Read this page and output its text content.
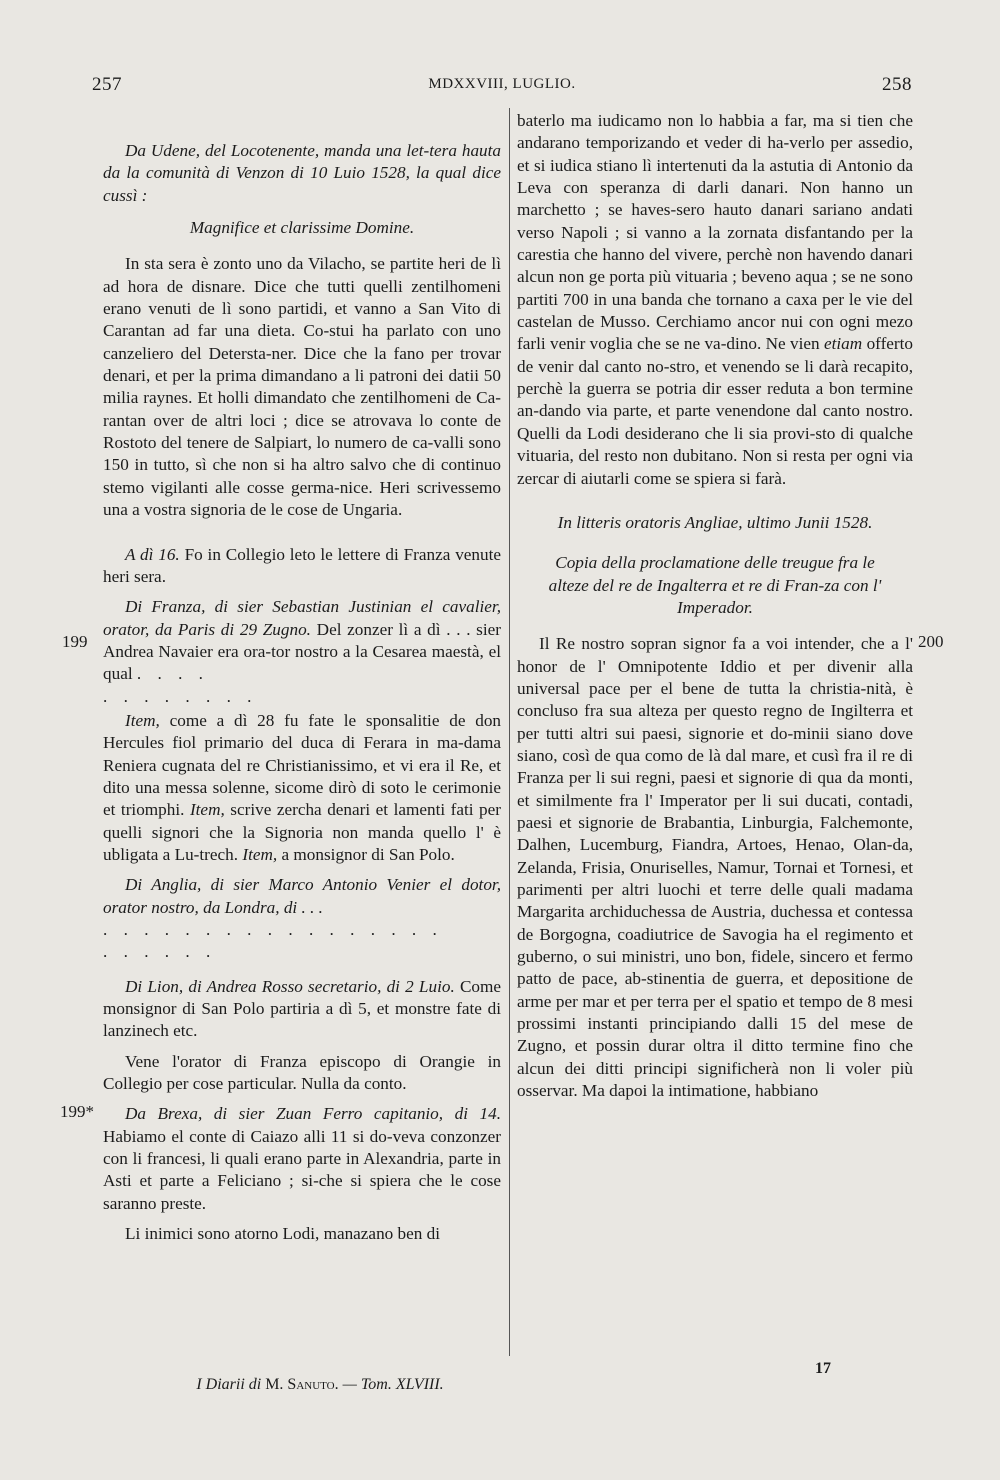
257	MDXXVIII, LUGLIO.	258

Da Udene, del Locotenente, manda una let-tera hauta da la comunità di Venzon di 10 Luio 1528, la qual dice cussì :

Magnifice et clarissime Domine.

In sta sera è zonto uno da Vilacho, se partite heri de lì ad hora de disnare. Dice che tutti quelli zentilhomeni erano venuti de lì sono partidi, et vanno a San Vito di Carantan ad far una dieta. Co-stui ha parlato con uno canzeliero del Detersta-ner. Dice che la fano per trovar denari, et per la prima dimandano a li patroni dei datii 50 milia raynes. Et holli dimandato che zentilhomeni de Ca-rantan over de altri loci ; dice se atrovava lo conte de Rostoto del tenere de Salpiart, lo numero de ca-valli sono 150 in tutto, sì che non si ha altro salvo che di continuo stemo vigilanti alle cosse germa-nice. Heri scrivessemo una a vostra signoria de le cose de Ungaria.

A dì 16. Fo in Collegio leto le lettere di Franza venute heri sera.

Di Franza, di sier Sebastian Justinian el cavalier, orator, da Paris di 29 Zugno. Del zonzer lì a dì . . . sier Andrea Navaier era ora-tor nostro a la Cesarea maestà, el qual . . . .

. . . . . . . .

Item, come a dì 28 fu fate le sponsalitie de don Hercules fiol primario del duca di Ferara in ma-dama Reniera cugnata del re Christianissimo, et vi era il Re, et dito una messa solenne, sicome dirò di soto le cerimonie et triomphi. Item, scrive zercha denari et lamenti fati per quelli signori che la Signoria non manda quello l' è ubligata a Lu-trech. Item, a monsignor di San Polo.

Di Anglia, di sier Marco Antonio Venier el dotor, orator nostro, da Londra, di . . .

. . . . . . . . . . . . . . . . .

. . . . . .

Di Lion, di Andrea Rosso secretario, di 2 Luio. Come monsignor di San Polo partiria a dì 5, et monstre fate di lanzinech etc.

Vene l'orator di Franza episcopo di Orangie in Collegio per cose particular. Nulla da conto.

Da Brexa, di sier Zuan Ferro capitanio, di 14. Habiamo el conte di Caiazo alli 11 si do-veva conzonzer con li francesi, li quali erano parte in Alexandria, parte in Asti et parte a Feliciano ; si-che si spiera che le cose saranno preste.

Li inimici sono atorno Lodi, manazano ben di

baterlo ma iudicamo non lo habbia a far, ma si tien che andarano temporizando et veder di ha-verlo per assedio, et si iudica stiano lì intertenuti da la astutia di Antonio da Leva con speranza di darli danari. Non hanno un marchetto ; se haves-sero hauto danari sariano andati verso Napoli ; si vanno a la zornata disfantando per la carestia che hanno del vivere, perchè non havendo danari alcun non ge porta più vituaria ; beveno aqua ; se ne sono partiti 700 in una banda che tornano a caxa per le vie del castelan de Musso. Cerchiamo ancor nui con ogni mezo farli venir voglia che se ne va-dino. Ne vien etiam offerto de venir dal canto no-stro, et venendo se li darà recapito, perchè la guerra se potria dir esser reduta a bon termine an-dando via parte, et parte venendone dal canto nostro. Quelli da Lodi desiderano che li sia provi-sto di qualche vituaria, del resto non dubitano. Non si resta per ogni via zercar di aiutarli come se spiera si farà.

In litteris oratoris Angliae, ultimo Junii 1528.

Copia della proclamatione delle treugue fra le alteze del re de Ingalterra et re di Fran-za con l' Imperador.

Il Re nostro sopran signor fa a voi intender, che a l' honor de l' Omnipotente Iddio et per divenir alla universal pace per el bene de tutta la christia-nità, è concluso fra sua alteza per questo regno de Ingilterra et per tutti altri sui paesi, signorie et do-minii siano dove siano, così de qua como de là dal mare, et cusì fra il re di Franza per li sui regni, paesi et signorie di qua da monti, et similmente fra l' Imperator per li sui ducati, contadi, paesi et signorie de Brabantia, Linburgia, Falchemonte, Dalhen, Lucemburg, Fiandra, Artoes, Henao, Olan-da, Zelanda, Frisia, Onuriselles, Namur, Tornai et Tornesi, et parimenti per altri luochi et terre delle quali madama Margarita archiduchessa de Austria, duchessa et contessa de Borgogna, coadiutrice de Savogia ha el regimento et guberno, o sui ministri, uno bon, fidele, sincero et fermo patto de pace, ab-stinentia de guerra, et depositione de arme per mar et per terra per el spatio et tempo de 8 mesi prossimi instanti principiando dalli 15 del mese de Zugno, et possin durar oltra il ditto termine fino che alcun dei ditti principi significherà non li voler più osservar. Ma dapoi la intimatione, habbiano

199	200
199*
I Diarii di M. Sanuto. — Tom. XLVIII.
17
